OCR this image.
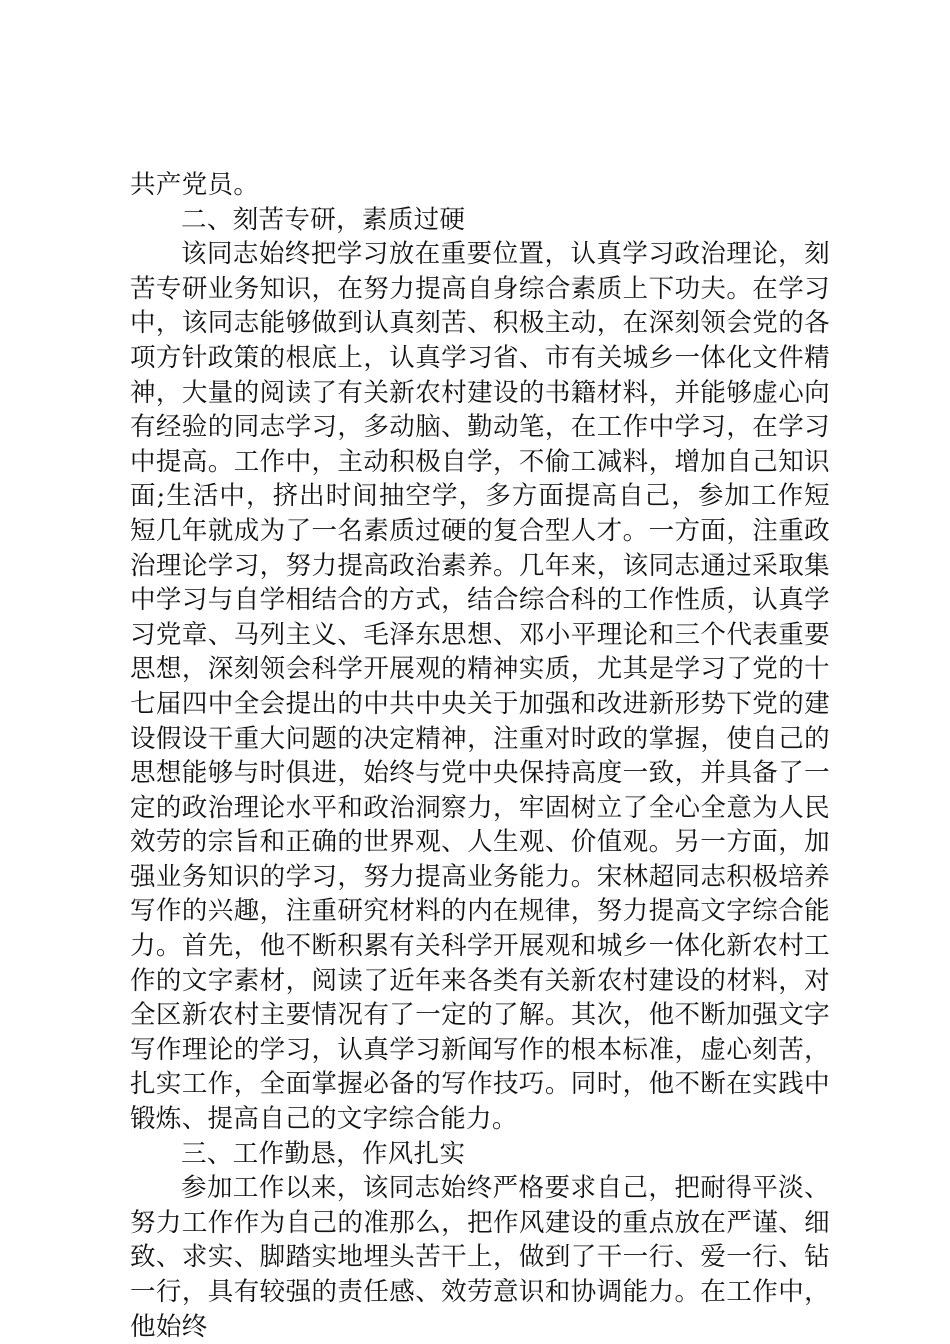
共产党员。

二、刻苦专研，素质过硬

该同志始终把学习放在重要位置，认真学习政治理论，刻苦专研业务知识，在努力提高自身综合素质上下功夫。在学习中，该同志能够做到认真刻苦、积极主动，在深刻领会党的各项方针政策的根底上，认真学习省、市有关城乡一体化文件精神，大量的阅读了有关新农村建设的书籍材料，并能够虚心向有经验的同志学习，多动脑、勤动笔，在工作中学习，在学习中提高。工作中，主动积极自学，不偷工减料，增加自己知识面;生活中，挤出时间抽空学，多方面提高自己，参加工作短短几年就成为了一名素质过硬的复合型人才。一方面，注重政治理论学习，努力提高政治素养。几年来，该同志通过采取集中学习与自学相结合的方式，结合综合科的工作性质，认真学习党章、马列主义、毛泽东思想、邓小平理论和三个代表重要思想，深刻领会科学开展观的精神实质，尤其是学习了党的十七届四中全会提出的中共中央关于加强和改进新形势下党的建设假设干重大问题的决定精神，注重对时政的掌握，使自己的思想能够与时俱进，始终与党中央保持高度一致，并具备了一定的政治理论水平和政治洞察力，牢固树立了全心全意为人民效劳的宗旨和正确的世界观、人生观、价值观。另一方面，加强业务知识的学习，努力提高业务能力。宋林超同志积极培养写作的兴趣，注重研究材料的内在规律，努力提高文字综合能力。首先，他不断积累有关科学开展观和城乡一体化新农村工作的文字素材，阅读了近年来各类有关新农村建设的材料，对全区新农村主要情况有了一定的了解。其次，他不断加强文字写作理论的学习，认真学习新闻写作的根本标准，虚心刻苦，扎实工作，全面掌握必备的写作技巧。同时，他不断在实践中锻炼、提高自己的文字综合能力。

三、工作勤恳，作风扎实

参加工作以来，该同志始终严格要求自己，把耐得平淡、努力工作作为自己的准那么，把作风建设的重点放在严谨、细致、求实、脚踏实地埋头苦干上，做到了干一行、爱一行、钻一行，具有较强的责任感、效劳意识和协调能力。在工作中，他始终
